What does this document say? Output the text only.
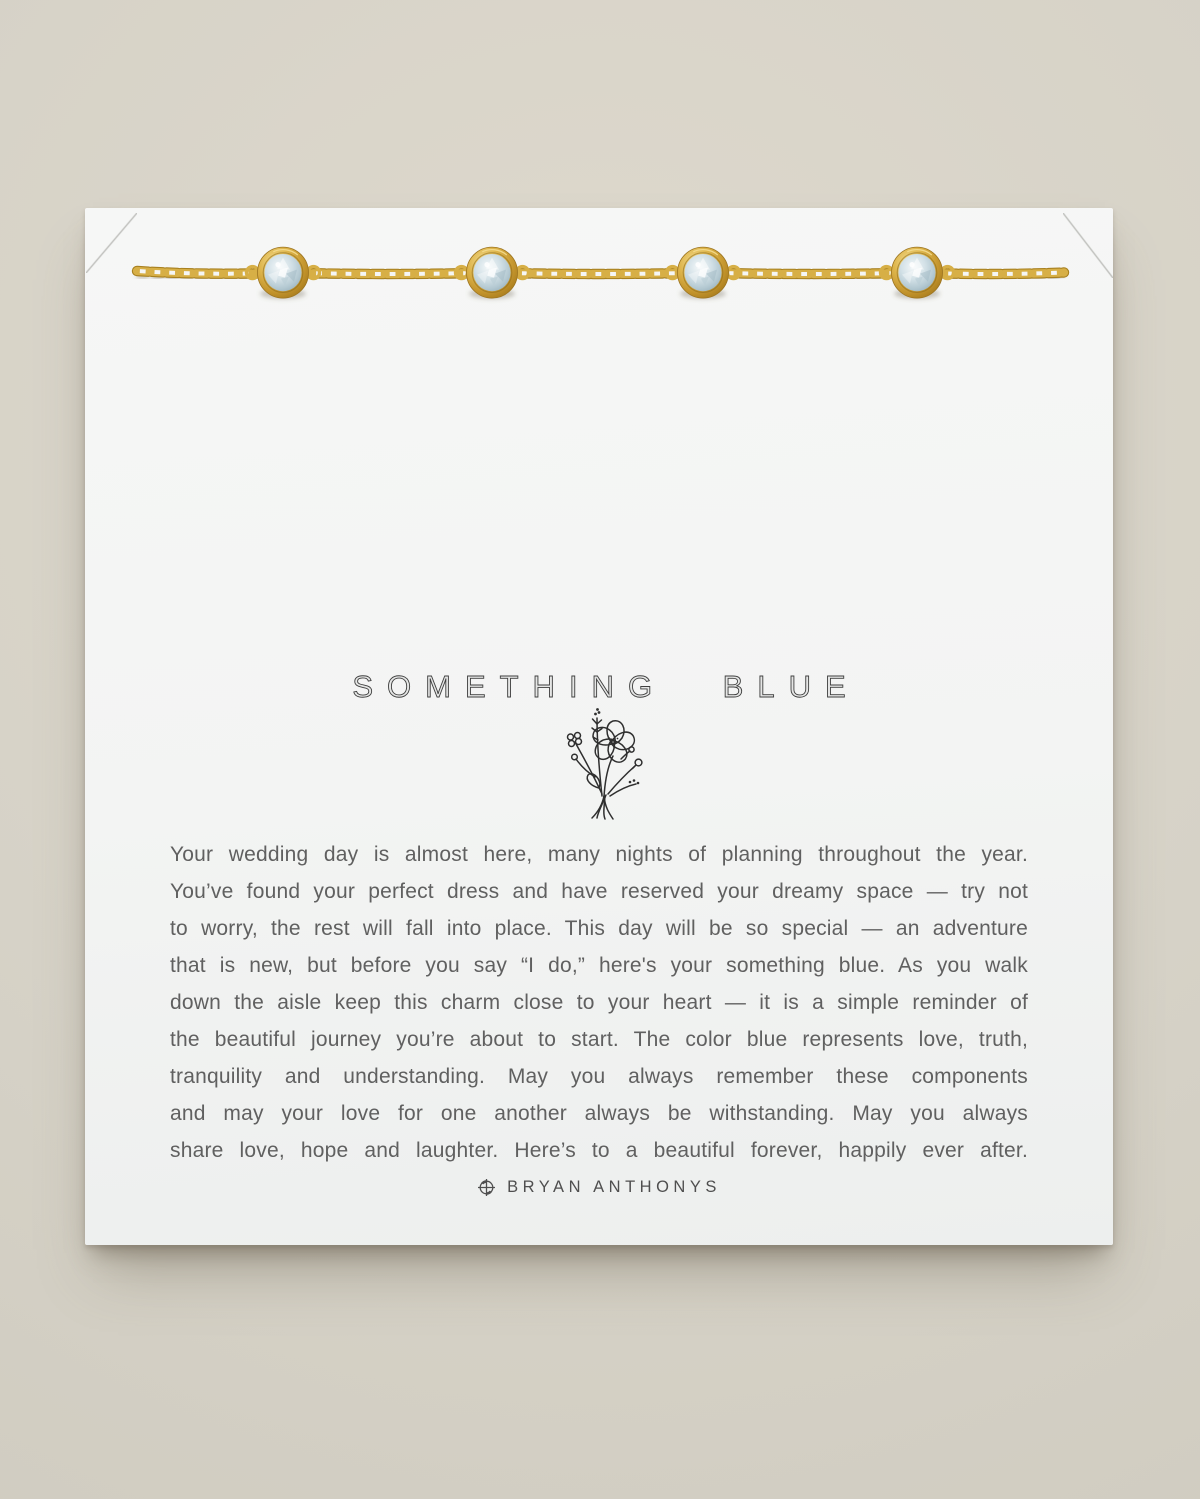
SOMETHING BLUE
Your wedding day is almost here, many nights of planning throughout the year.
You’ve found your perfect dress and have reserved your dreamy space — try not
to worry, the rest will fall into place. This day will be so special — an adventure
that is new, but before you say “I do,” here's your something blue. As you walk
down the aisle keep this charm close to your heart — it is a simple reminder of
the beautiful journey you’re about to start. The color blue represents love, truth,
tranquility and understanding. May you always remember these components
and may your love for one another always be withstanding. May you always
share love, hope and laughter. Here’s to a beautiful forever, happily ever after.
BRYAN ANTHONYS
